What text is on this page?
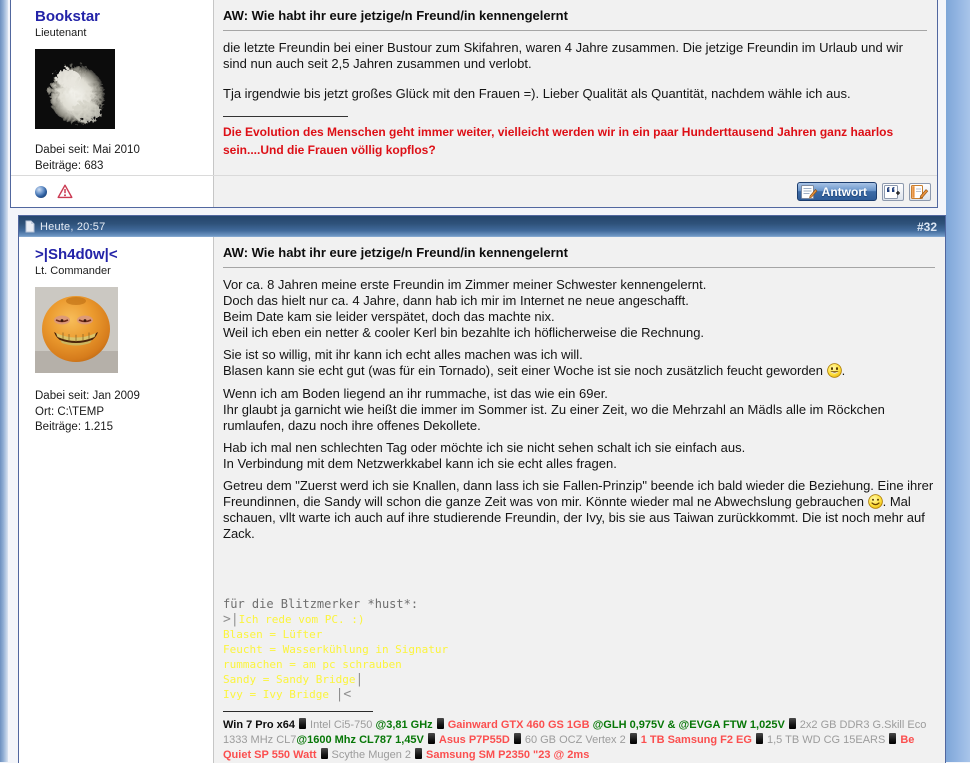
Bookstar
Lieutenant
Dabei seit: Mai 2010
Beiträge: 683
AW: Wie habt ihr eure jetzige/n Freund/in kennengelernt
die letzte Freundin bei einer Bustour zum Skifahren, waren 4 Jahre zusammen. Die jetzige Freundin im Urlaub und wir sind nun auch seit 2,5 Jahren zusammen und verlobt.
Tja irgendwie bis jetzt großes Glück mit den Frauen =). Lieber Qualität als Quantität, nachdem wähle ich aus.
Die Evolution des Menschen geht immer weiter, vielleicht werden wir in ein paar Hunderttausend Jahren ganz haarlos sein....Und die Frauen völlig kopflos?
Antwort
Heute, 20:57	#32
>|Sh4d0w|<
Lt. Commander
Dabei seit: Jan 2009
Ort: C:\TEMP
Beiträge: 1.215
AW: Wie habt ihr eure jetzige/n Freund/in kennengelernt
Vor ca. 8 Jahren meine erste Freundin im Zimmer meiner Schwester kennengelernt.
Doch das hielt nur ca. 4 Jahre, dann hab ich mir im Internet ne neue angeschafft.
Beim Date kam sie leider verspätet, doch das machte nix.
Weil ich eben ein netter & cooler Kerl bin bezahlte ich höflicherweise die Rechnung.
Sie ist so willig, mit ihr kann ich echt alles machen was ich will.
Blasen kann sie echt gut (was für ein Tornado), seit einer Woche ist sie noch zusätzlich feucht geworden .
Wenn ich am Boden liegend an ihr rummache, ist das wie ein 69er.
Ihr glaubt ja garnicht wie heißt die immer im Sommer ist. Zu einer Zeit, wo die Mehrzahl an Mädls alle im Röckchen rumlaufen, dazu noch ihre offenes Dekollete.
Hab ich mal nen schlechten Tag oder möchte ich sie nicht sehen schalt ich sie einfach aus.
In Verbindung mit dem Netzwerkkabel kann ich sie echt alles fragen.
Getreu dem "Zuerst werd ich sie Knallen, dann lass ich sie Fallen-Prinzip" beende ich bald wieder die Beziehung. Eine ihrer Freundinnen, die Sandy will schon die ganze Zeit was von mir. Könnte wieder mal ne Abwechslung gebrauchen . Mal schauen, vllt warte ich auch auf ihre studierende Freundin, der Ivy, bis sie aus Taiwan zurückkommt. Die ist noch mehr auf Zack.
für die Blitzmerker *hust*:
>|Ich rede vom PC. :)
Blasen = Lüfter
Feucht = Wasserkühlung in Signatur
rummachen = am pc schrauben
Sandy = Sandy Bridge|
Ivy = Ivy Bridge |<

Win 7 Pro x64 Intel Ci5-750 @3,81 GHz Gainward GTX 460 GS 1GB @GLH 0,975V & @EVGA FTW 1,025V 2x2 GB DDR3 G.Skill Eco 1333 MHz CL7@1600 Mhz CL787 1,45V Asus P7P55D 60 GB OCZ Vertex 2 1 TB Samsung F2 EG 1,5 TB WD CG 15EARS Be Quiet SP 550 Watt Scythe Mugen 2 Samsung SM P2350 "23 @ 2ms
